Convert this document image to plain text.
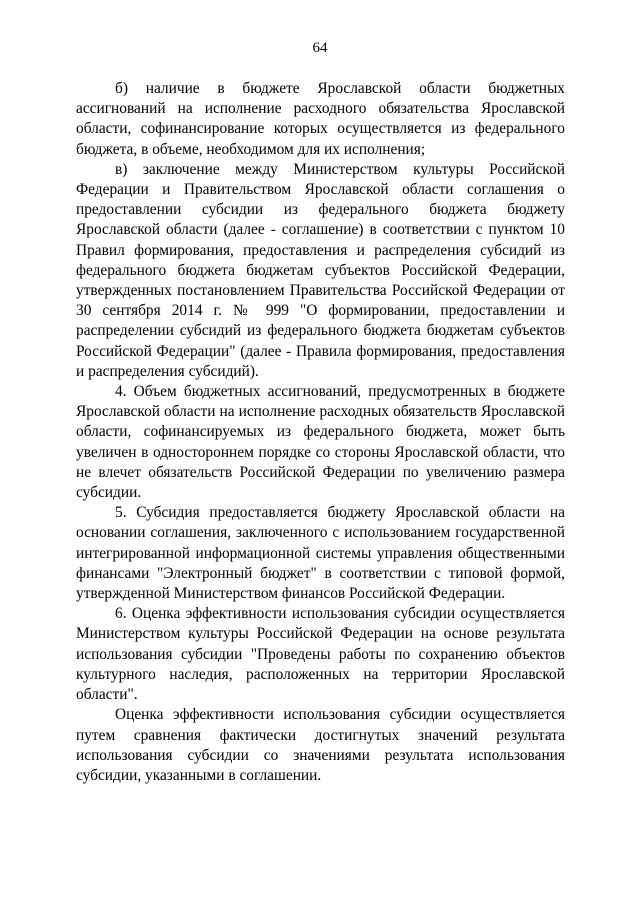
64

б) наличие в бюджете Ярославской области бюджетных ассигнований на исполнение расходного обязательства Ярославской области, софинансирование которых осуществляется из федерального бюджета, в объеме, необходимом для их исполнения;

в) заключение между Министерством культуры Российской Федерации и Правительством Ярославской области соглашения о предоставлении субсидии из федерального бюджета бюджету Ярославской области (далее - соглашение) в соответствии с пунктом 10 Правил формирования, предоставления и распределения субсидий из федерального бюджета бюджетам субъектов Российской Федерации, утвержденных постановлением Правительства Российской Федерации от 30 сентября 2014 г. № 999 "О формировании, предоставлении и распределении субсидий из федерального бюджета бюджетам субъектов Российской Федерации" (далее - Правила формирования, предоставления и распределения субсидий).

4. Объем бюджетных ассигнований, предусмотренных в бюджете Ярославской области на исполнение расходных обязательств Ярославской области, софинансируемых из федерального бюджета, может быть увеличен в одностороннем порядке со стороны Ярославской области, что не влечет обязательств Российской Федерации по увеличению размера субсидии.

5. Субсидия предоставляется бюджету Ярославской области на основании соглашения, заключенного с использованием государственной интегрированной информационной системы управления общественными финансами "Электронный бюджет" в соответствии с типовой формой, утвержденной Министерством финансов Российской Федерации.

6. Оценка эффективности использования субсидии осуществляется Министерством культуры Российской Федерации на основе результата использования субсидии "Проведены работы по сохранению объектов культурного наследия, расположенных на территории Ярославской области".

Оценка эффективности использования субсидии осуществляется путем сравнения фактически достигнутых значений результата использования субсидии со значениями результата использования субсидии, указанными в соглашении.
